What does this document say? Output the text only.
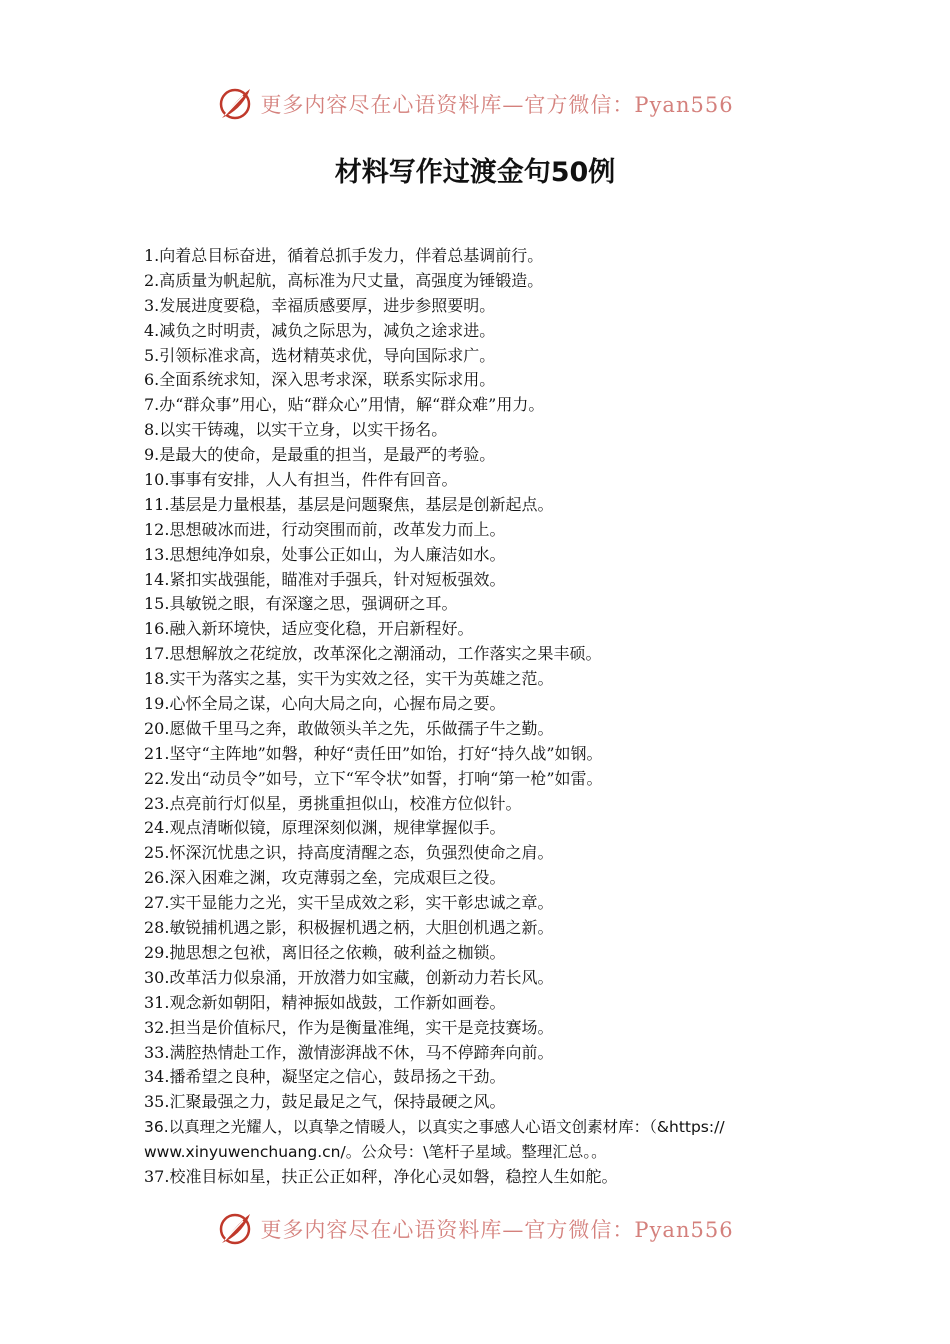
更多内容尽在心语资料库—官方微信：Pyan556
材料写作过渡金句50例
1.向着总目标奋进，循着总抓手发力，伴着总基调前行。
2.高质量为帆起航，高标准为尺丈量，高强度为锤锻造。
3.发展进度要稳，幸福质感要厚，进步参照要明。
4.减负之时明责，减负之际思为，减负之途求进。
5.引领标准求高，选材精英求优，导向国际求广。
6.全面系统求知，深入思考求深，联系实际求用。
7.办“群众事”用心，贴“群众心”用情，解“群众难”用力。
8.以实干铸魂，以实干立身，以实干扬名。
9.是最大的使命，是最重的担当，是最严的考验。
10.事事有安排，人人有担当，件件有回音。
11.基层是力量根基，基层是问题聚焦，基层是创新起点。
12.思想破冰而进，行动突围而前，改革发力而上。
13.思想纯净如泉，处事公正如山，为人廉洁如水。
14.紧扣实战强能，瞄准对手强兵，针对短板强效。
15.具敏锐之眼，有深邃之思，强调研之耳。
16.融入新环境快，适应变化稳，开启新程好。
17.思想解放之花绽放，改革深化之潮涌动，工作落实之果丰硕。
18.实干为落实之基，实干为实效之径，实干为英雄之范。
19.心怀全局之谋，心向大局之向，心握布局之要。
20.愿做千里马之奔，敢做领头羊之先，乐做孺子牛之勤。
21.坚守“主阵地”如磐，种好“责任田”如饴，打好“持久战”如钢。
22.发出“动员令”如号，立下“军令状”如誓，打响“第一枪”如雷。
23.点亮前行灯似星，勇挑重担似山，校准方位似针。
24.观点清晰似镜，原理深刻似渊，规律掌握似手。
25.怀深沉忧患之识，持高度清醒之态，负强烈使命之肩。
26.深入困难之渊，攻克薄弱之垒，完成艰巨之役。
27.实干显能力之光，实干呈成效之彩，实干彰忠诚之章。
28.敏锐捕机遇之影，积极握机遇之柄，大胆创机遇之新。
29.抛思想之包袱，离旧径之依赖，破利益之枷锁。
30.改革活力似泉涌，开放潜力如宝藏，创新动力若长风。
31.观念新如朝阳，精神振如战鼓，工作新如画卷。
32.担当是价值标尺，作为是衡量准绳，实干是竞技赛场。
33.满腔热情赴工作，激情澎湃战不休，马不停蹄奔向前。
34.播希望之良种，凝坚定之信心，鼓昂扬之干劲。
35.汇聚最强之力，鼓足最足之气，保持最硬之风。
36.以真理之光耀人，以真挚之情暖人，以真实之事感人心语文创素材库：（&https://
www.xinyuwenchuang.cn/。公众号：\笔杆子星域。整理汇总。。
37.校准目标如星，扶正公正如秤，净化心灵如磐，稳控人生如舵。
更多内容尽在心语资料库—官方微信：Pyan556
